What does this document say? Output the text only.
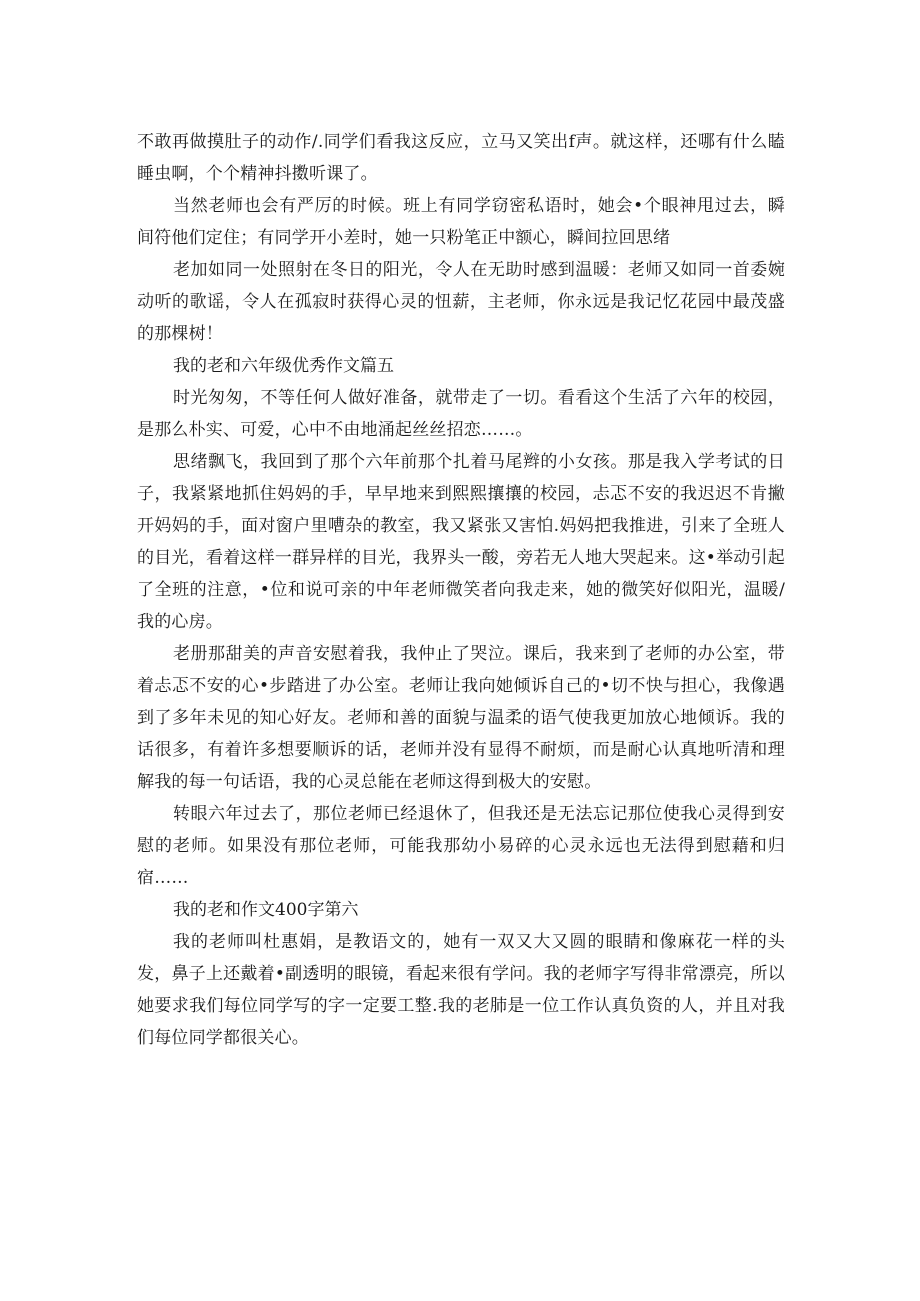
不敢再做摸肚子的动作/.同学们看我这反应，立马又笑出f声。就这样，还哪有什么瞌睡虫啊，个个精神抖擞听课了。

当然老师也会有严厉的时候。班上有同学窃密私语时，她会•个眼神甩过去，瞬间符他们定住；有同学开小差时，她一只粉笔正中额心，瞬间拉回思绪

老加如同一处照射在冬日的阳光，令人在无助时感到温暖：老师又如同一首委婉动听的歌谣，令人在孤寂时获得心灵的忸薪，主老师，你永远是我记忆花园中最茂盛的那棵树！

我的老和六年级优秀作文篇五

时光匆匆，不等任何人做好准备，就带走了一切。看看这个生活了六年的校园，是那么朴实、可爱，心中不由地涌起丝丝招恋……。

思绪飘飞，我回到了那个六年前那个扎着马尾辫的小女孩。那是我入学考试的日子，我紧紧地抓住妈妈的手，早早地来到熙熙攘攘的校园，忐忑不安的我迟迟不肯撇开妈妈的手，面对窗户里嘈杂的教室，我又紧张又害怕.妈妈把我推进，引来了全班人的目光，看着这样一群异样的目光，我界头一酸，旁若无人地大哭起来。这•举动引起了全班的注意，•位和说可亲的中年老师微笑者向我走来，她的微笑好似阳光，温暖/我的心房。

老册那甜美的声音安慰着我，我仲止了哭泣。课后，我来到了老师的办公室，带着忐忑不安的心•步踏进了办公室。老师让我向她倾诉自己的•切不快与担心，我像遇到了多年未见的知心好友。老师和善的面貌与温柔的语气使我更加放心地倾诉。我的话很多，有着许多想要顺诉的话，老师并没有显得不耐烦，而是耐心认真地听清和理解我的每一句话语，我的心灵总能在老师这得到极大的安慰。

转眼六年过去了，那位老师已经退休了，但我还是无法忘记那位使我心灵得到安慰的老师。如果没有那位老师，可能我那幼小易碎的心灵永远也无法得到慰藉和归宿……

我的老和作文400字第六

我的老师叫杜惠娟，是教语文的，她有一双又大又圆的眼睛和像麻花一样的头发，鼻子上还戴着•副透明的眼镜，看起来很有学问。我的老师字写得非常漂亮，所以她要求我们每位同学写的字一定要工整.我的老肺是一位工作认真负资的人，并且对我们每位同学都很关心。
